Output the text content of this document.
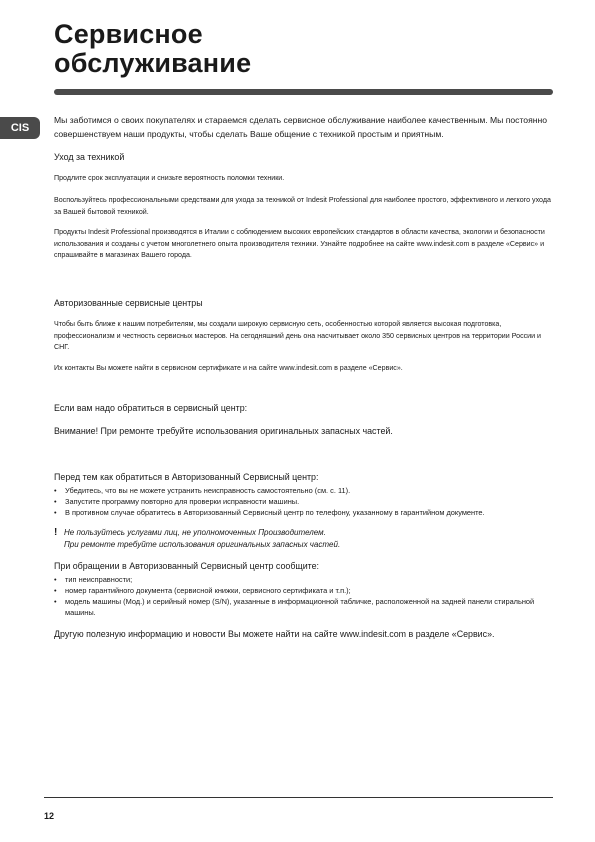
Сервисное
обслуживание
CIS

Мы заботимся о своих покупателях и стараемся сделать сервисное обслуживание наиболее качественным. Мы постоянно совершенствуем наши продукты, чтобы сделать Ваше общение с техникой простым и приятным.

Уход за техникой

Продлите срок эксплуатации и снизьте вероятность поломки техники.

Воспользуйтесь профессиональными средствами для ухода за техникой от Indesit Professional для наиболее простого, эффективного и легкого ухода за Вашей бытовой техникой.

Продукты Indesit Professional производятся в Италии с соблюдением высоких европейских стандартов в области качества, экологии и безопасности использования и созданы с учетом многолетнего опыта производителя техники. Узнайте подробнее на сайте www.indesit.com в разделе «Сервис» и спрашивайте в магазинах Вашего города.

Авторизованные сервисные центры

Чтобы быть ближе к нашим потребителям, мы создали широкую сервисную сеть, особенностью которой является высокая подготовка, профессионализм и честность сервисных мастеров. На сегодняшний день она насчитывает около 350 сервисных центров на территории России и СНГ.

Их контакты Вы можете найти в сервисном сертификате и на сайте www.indesit.com в разделе «Сервис».

Если вам надо обратиться в сервисный центр:

Внимание! При ремонте требуйте использования оригинальных запасных частей.

Перед тем как обратиться в Авторизованный Сервисный центр:

• Убедитесь, что вы не можете устранить неисправность самостоятельно (см. с. 11).
• Запустите программу повторно для проверки исправности машины.
• В противном случае обратитесь в Авторизованный Сервисный центр по телефону, указанному в гарантийном документе.
! Не пользуйтесь услугами лиц, не уполномоченных Производителем.
При ремонте требуйте использования оригинальных запасных частей.

При обращении в Авторизованный Сервисный центр сообщите:

• тип неисправности;
• номер гарантийного документа (сервисной книжки, сервисного сертификата и т.п.);
• модель машины (Мод.) и серийный номер (S/N), указанные в информационной табличке, расположенной на задней панели стиральной машины.

Другую полезную информацию и новости Вы можете найти на сайте www.indesit.com в разделе «Сервис».

12
